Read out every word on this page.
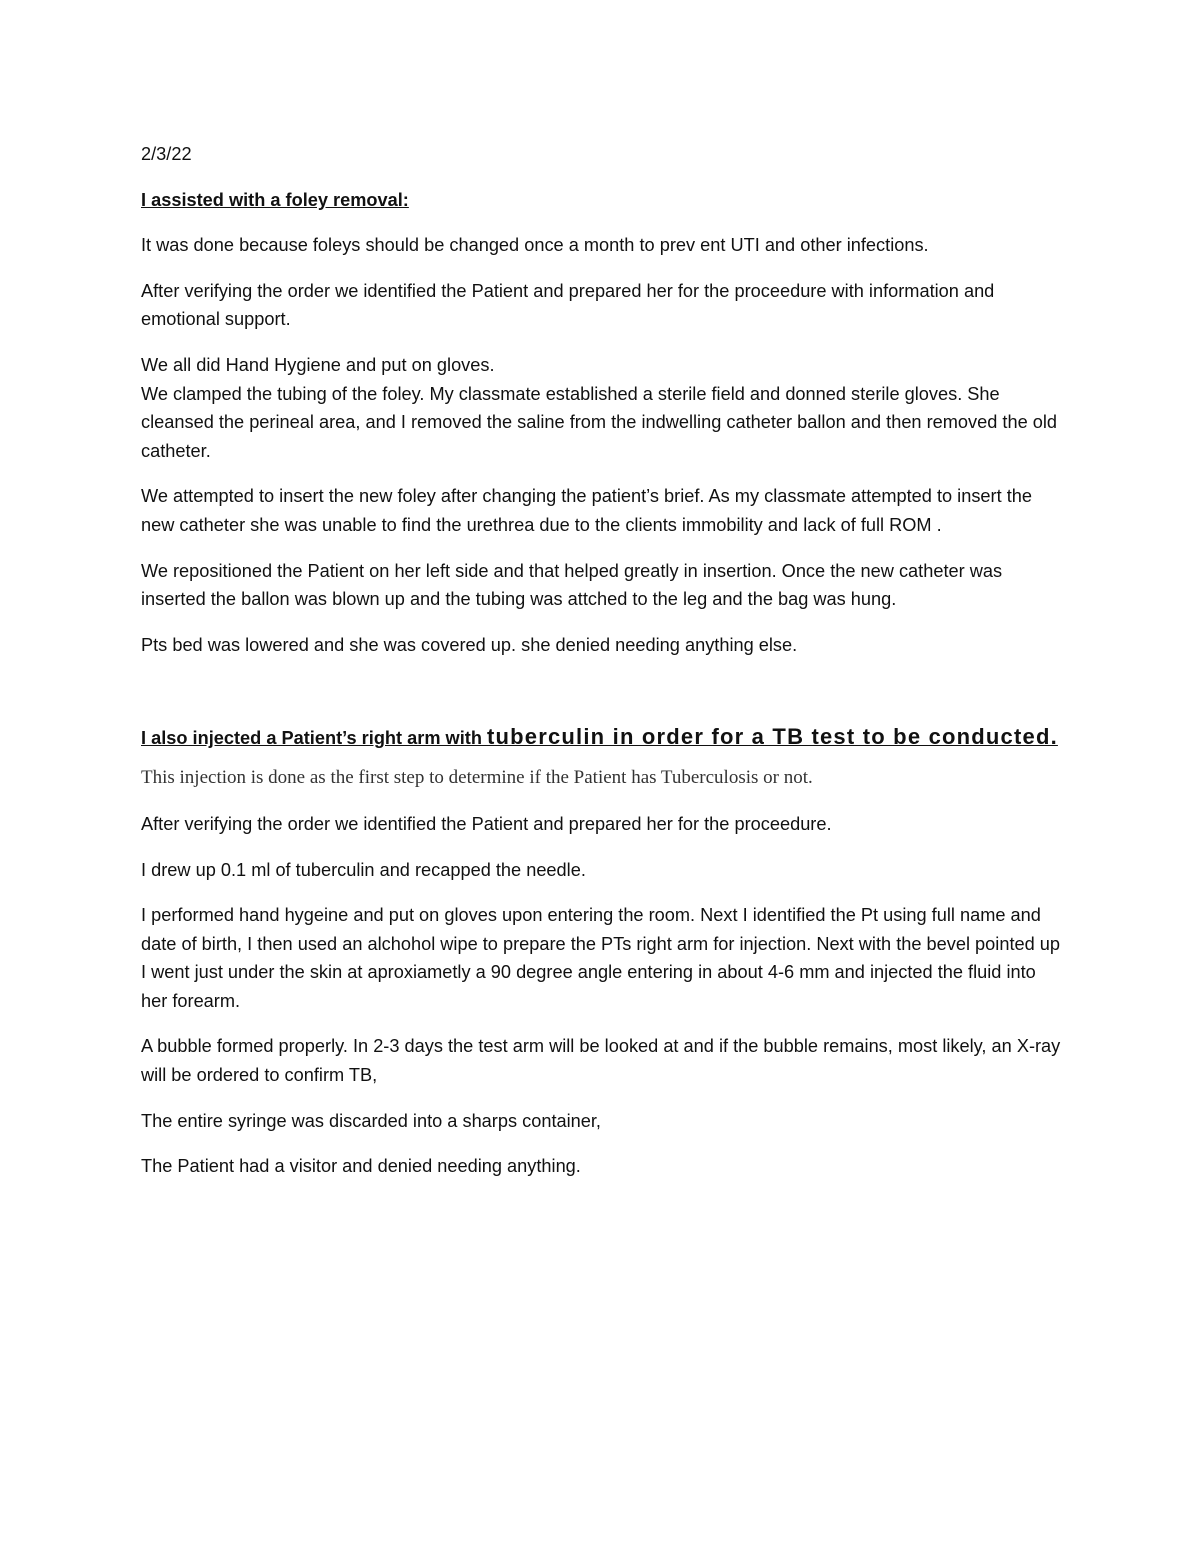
2/3/22

I assisted with a foley removal:

It was done because foleys should be changed once a month to prev ent UTI and other infections.

After verifying the order we identified the Patient and prepared her for the proceedure with information and emotional support.

We all did Hand Hygiene and put on gloves.

We clamped the tubing of the foley. My classmate established a sterile field and donned sterile gloves. She cleansed the perineal area, and I removed the saline from the indwelling catheter ballon and then removed the old catheter.

We attempted to insert the new foley after changing the patient’s brief. As my classmate attempted to insert the new catheter she was unable to find the urethrea due to the clients immobility and lack of full ROM .

We repositioned the Patient on her left side and that helped greatly in insertion. Once the new catheter was inserted the ballon was blown up and the tubing was attched to the leg and the bag was hung.

Pts bed was lowered and she was covered up. she denied needing anything else.

I also injected a Patient’s right arm with tuberculin in order for a TB test to be conducted.

This injection is done as the first step to determine if the Patient has Tuberculosis or not.

After verifying the order we identified the Patient and prepared her for the proceedure.

I drew up 0.1 ml of tuberculin and recapped the needle.

I performed hand hygeine and put on gloves upon entering the room. Next I identified the Pt using full name and date of birth, I then used an alchohol wipe to prepare the PTs right arm for injection. Next with the bevel pointed up I went just under the skin at aproxiametly a 90 degree angle entering in about 4-6 mm and injected the fluid into her forearm.

A bubble formed properly. In 2-3 days the test arm will be looked at and if the bubble remains, most likely, an X-ray will be ordered to confirm TB,

The entire syringe was discarded into a sharps container,

The Patient had a visitor and denied needing anything.
